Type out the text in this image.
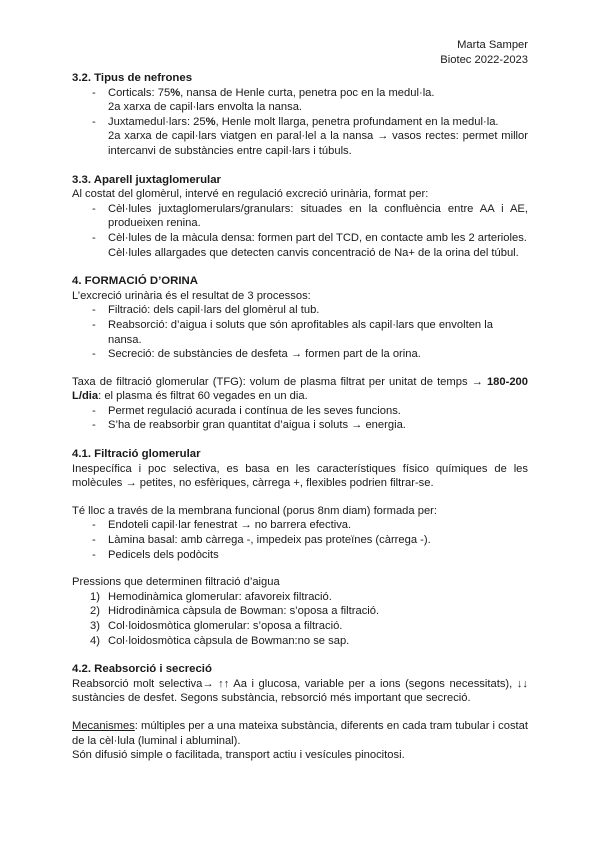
Marta Samper
Biotec 2022-2023
3.2. Tipus de nefrones
- Corticals: 75%, nansa de Henle curta, penetra poc en la medul·la.
2a xarxa de capil·lars envolta la nansa.
- Juxtamedul·lars: 25%, Henle molt llarga, penetra profundament en la medul·la.
2a xarxa de capil·lars viatgen en paral·lel a la nansa → vasos rectes: permet millor intercanvi de substàncies entre capil·lars i túbuls.
3.3. Aparell juxtaglomerular

Al costat del glomèrul, intervé en regulació excreció urinària, format per:

- Cèl·lules juxtaglomerulars/granulars: situades en la confluència entre AA i AE, produeixen renina.
- Cèl·lules de la màcula densa: formen part del TCD, en contacte amb les 2 arterioles.
Cèl·lules allargades que detecten canvis concentració de Na+ de la orina del túbul.
4. FORMACIÓ D’ORINA

L’excreció urinària és el resultat de 3 processos:

- Filtració: dels capil·lars del glomèrul al tub.
- Reabsorció: d’aigua i soluts que són aprofitables als capil·lars que envolten la nansa.
- Secreció: de substàncies de desfeta → formen part de la orina.

Taxa de filtració glomerular (TFG): volum de plasma filtrat per unitat de temps → 180-200 L/dia: el plasma és filtrat 60 vegades en un dia.

- Permet regulació acurada i contínua de les seves funcions.
- S’ha de reabsorbir gran quantitat d’aigua i soluts → energia.
4.1. Filtració glomerular

Inespecífica i poc selectiva, es basa en les característiques físico químiques de les molècules → petites, no esfèriques, càrrega +, flexibles podrien filtrar-se.

Té lloc a través de la membrana funcional (porus 8nm diam) formada per:

- Endoteli capil·lar fenestrat → no barrera efectiva.
- Làmina basal: amb càrrega -, impedeix pas proteïnes (càrrega -).
- Pedicels dels podòcits

Pressions que determinen filtració d’aigua

1) Hemodinàmica glomerular: afavoreix filtració.
2) Hidrodinàmica càpsula de Bowman: s’oposa a filtració.
3) Col·loidosmòtica glomerular: s’oposa a filtració.
4) Col·loidosmòtica càpsula de Bowman:no se sap.
4.2. Reabsorció i secreció

Reabsorció molt selectiva→ ↑↑ Aa i glucosa, variable per a ions (segons necessitats), ↓↓ sustàncies de desfet. Segons substància, rebsorció més important que secreció.

Mecanismes: múltiples per a una mateixa substància, diferents en cada tram tubular i costat de la cèl·lula (luminal i abluminal).

Són difusió simple o facilitada, transport actiu i vesícules pinocitosi.
